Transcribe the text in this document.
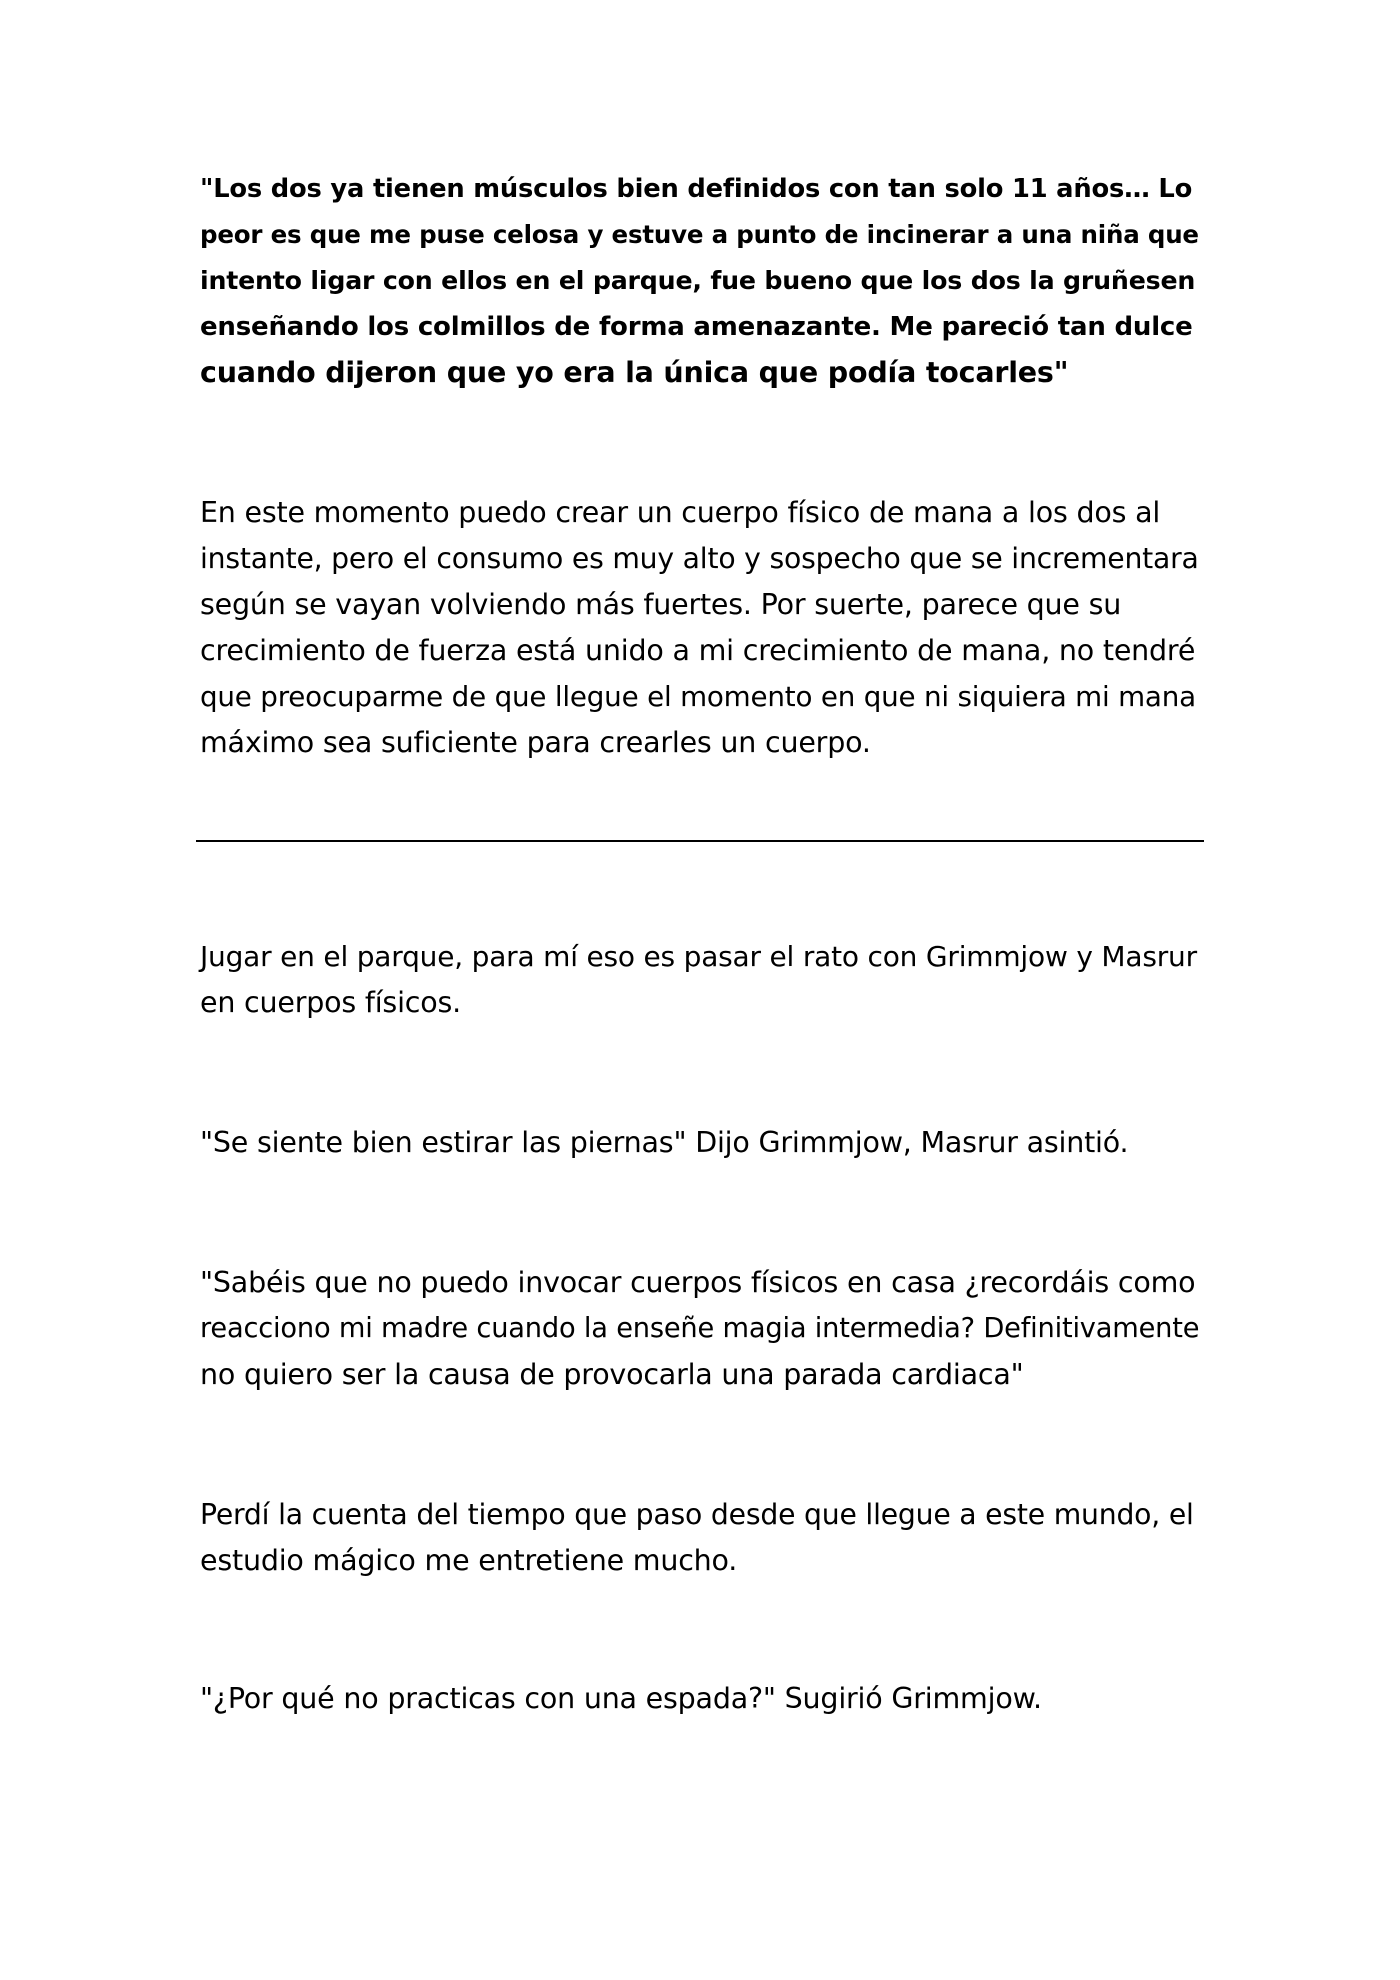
"Los dos ya tienen músculos bien definidos con tan solo 11 años… Lo
peor es que me puse celosa y estuve a punto de incinerar a una niña que
intento ligar con ellos en el parque, fue bueno que los dos la gruñesen
enseñando los colmillos de forma amenazante. Me pareció tan dulce
cuando dijeron que yo era la única que podía tocarles"

En este momento puedo crear un cuerpo físico de mana a los dos al
instante, pero el consumo es muy alto y sospecho que se incrementara
según se vayan volviendo más fuertes. Por suerte, parece que su
crecimiento de fuerza está unido a mi crecimiento de mana, no tendré
que preocuparme de que llegue el momento en que ni siquiera mi mana
máximo sea suficiente para crearles un cuerpo.

Jugar en el parque, para mí eso es pasar el rato con Grimmjow y Masrur
en cuerpos físicos.

"Se siente bien estirar las piernas" Dijo Grimmjow, Masrur asintió.

"Sabéis que no puedo invocar cuerpos físicos en casa ¿recordáis como
reacciono mi madre cuando la enseñe magia intermedia? Definitivamente
no quiero ser la causa de provocarla una parada cardiaca"

Perdí la cuenta del tiempo que paso desde que llegue a este mundo, el
estudio mágico me entretiene mucho.

"¿Por qué no practicas con una espada?" Sugirió Grimmjow.
